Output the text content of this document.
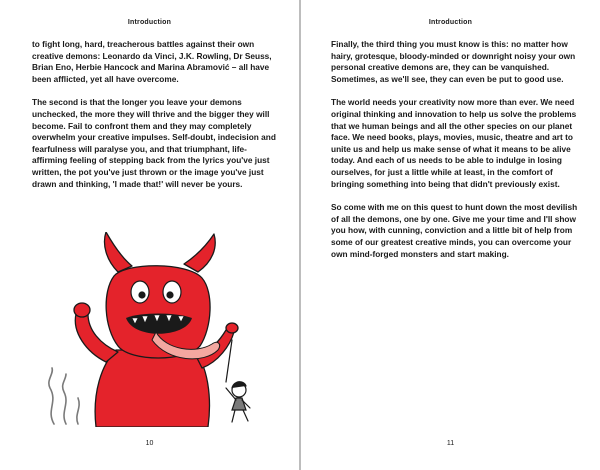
Introduction

to fight long, hard, treacherous battles against their own creative demons: Leonardo da Vinci, J.K. Rowling, Dr Seuss, Brian Eno, Herbie Hancock and Marina Abramović – all have been afflicted, yet all have overcome.

The second is that the longer you leave your demons unchecked, the more they will thrive and the bigger they will become. Fail to confront them and they may completely overwhelm your creative impulses. Self-doubt, indecision and fearfulness will paralyse you, and that triumphant, life-affirming feeling of stepping back from the lyrics you've just written, the pot you've just thrown or the image you've just drawn and thinking, 'I made that!' will never be yours.

10
Introduction

Finally, the third thing you must know is this: no matter how hairy, grotesque, bloody-minded or downright noisy your own personal creative demons are, they can be vanquished. Sometimes, as we'll see, they can even be put to good use.

The world needs your creativity now more than ever. We need original thinking and innovation to help us solve the problems that we human beings and all the other species on our planet face. We need books, plays, movies, music, theatre and art to unite us and help us make sense of what it means to be alive today. And each of us needs to be able to indulge in losing ourselves, for just a little while at least, in the comfort of bringing something into being that didn't previously exist.

So come with me on this quest to hunt down the most devilish of all the demons, one by one. Give me your time and I'll show you how, with cunning, conviction and a little bit of help from some of our greatest creative minds, you can overcome your own mind-forged monsters and start making.

11
